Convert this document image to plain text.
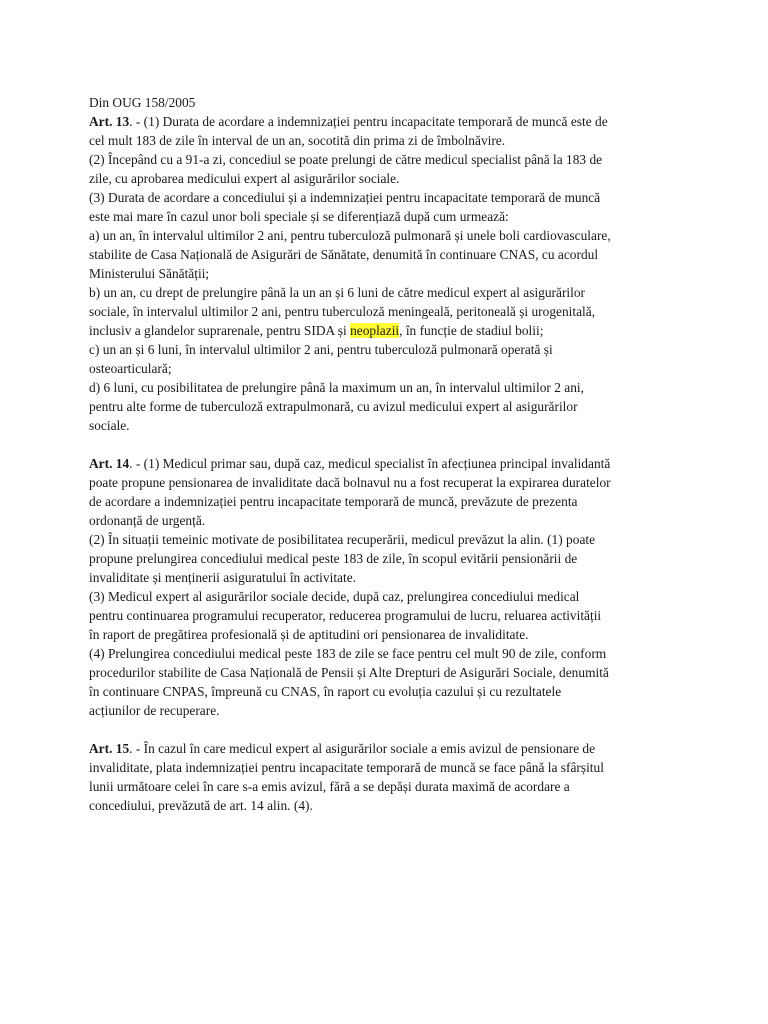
Din OUG 158/2005
Art. 13. - (1) Durata de acordare a indemnizației pentru incapacitate temporară de muncă este de
cel mult 183 de zile în interval de un an, socotită din prima zi de îmbolnăvire.
(2) Începând cu a 91-a zi, concediul se poate prelungi de către medicul specialist până la 183 de
zile, cu aprobarea medicului expert al asigurărilor sociale.
(3) Durata de acordare a concediului și a indemnizației pentru incapacitate temporară de muncă
este mai mare în cazul unor boli speciale și se diferențiază după cum urmează:
a) un an, în intervalul ultimilor 2 ani, pentru tuberculoză pulmonară și unele boli cardiovasculare,
stabilite de Casa Națională de Asigurări de Sănătate, denumită în continuare CNAS, cu acordul
Ministerului Sănătății;
b) un an, cu drept de prelungire până la un an și 6 luni de către medicul expert al asigurărilor
sociale, în intervalul ultimilor 2 ani, pentru tuberculoză meningeală, peritoneală și urogenitală,
inclusiv a glandelor suprarenale, pentru SIDA și neoplazii, în funcție de stadiul bolii;
c) un an și 6 luni, în intervalul ultimilor 2 ani, pentru tuberculoză pulmonară operată și
osteoarticulară;
d) 6 luni, cu posibilitatea de prelungire până la maximum un an, în intervalul ultimilor 2 ani,
pentru alte forme de tuberculoză extrapulmonară, cu avizul medicului expert al asigurărilor
sociale.
Art. 14. - (1) Medicul primar sau, după caz, medicul specialist în afecțiunea principal invalidantă
poate propune pensionarea de invaliditate dacă bolnavul nu a fost recuperat la expirarea duratelor
de acordare a indemnizației pentru incapacitate temporară de muncă, prevăzute de prezenta
ordonanță de urgență.
(2) În situații temeinic motivate de posibilitatea recuperării, medicul prevăzut la alin. (1) poate
propune prelungirea concediului medical peste 183 de zile, în scopul evitării pensionării de
invaliditate și menținerii asiguratului în activitate.
(3) Medicul expert al asigurărilor sociale decide, după caz, prelungirea concediului medical
pentru continuarea programului recuperator, reducerea programului de lucru, reluarea activității
în raport de pregătirea profesională și de aptitudini ori pensionarea de invaliditate.
(4) Prelungirea concediului medical peste 183 de zile se face pentru cel mult 90 de zile, conform
procedurilor stabilite de Casa Națională de Pensii și Alte Drepturi de Asigurări Sociale, denumită
în continuare CNPAS, împreună cu CNAS, în raport cu evoluția cazului și cu rezultatele
acțiunilor de recuperare.
Art. 15. - În cazul în care medicul expert al asigurărilor sociale a emis avizul de pensionare de
invaliditate, plata indemnizației pentru incapacitate temporară de muncă se face până la sfârșitul
lunii următoare celei în care s-a emis avizul, fără a se depăși durata maximă de acordare a
concediului, prevăzută de art. 14 alin. (4).
